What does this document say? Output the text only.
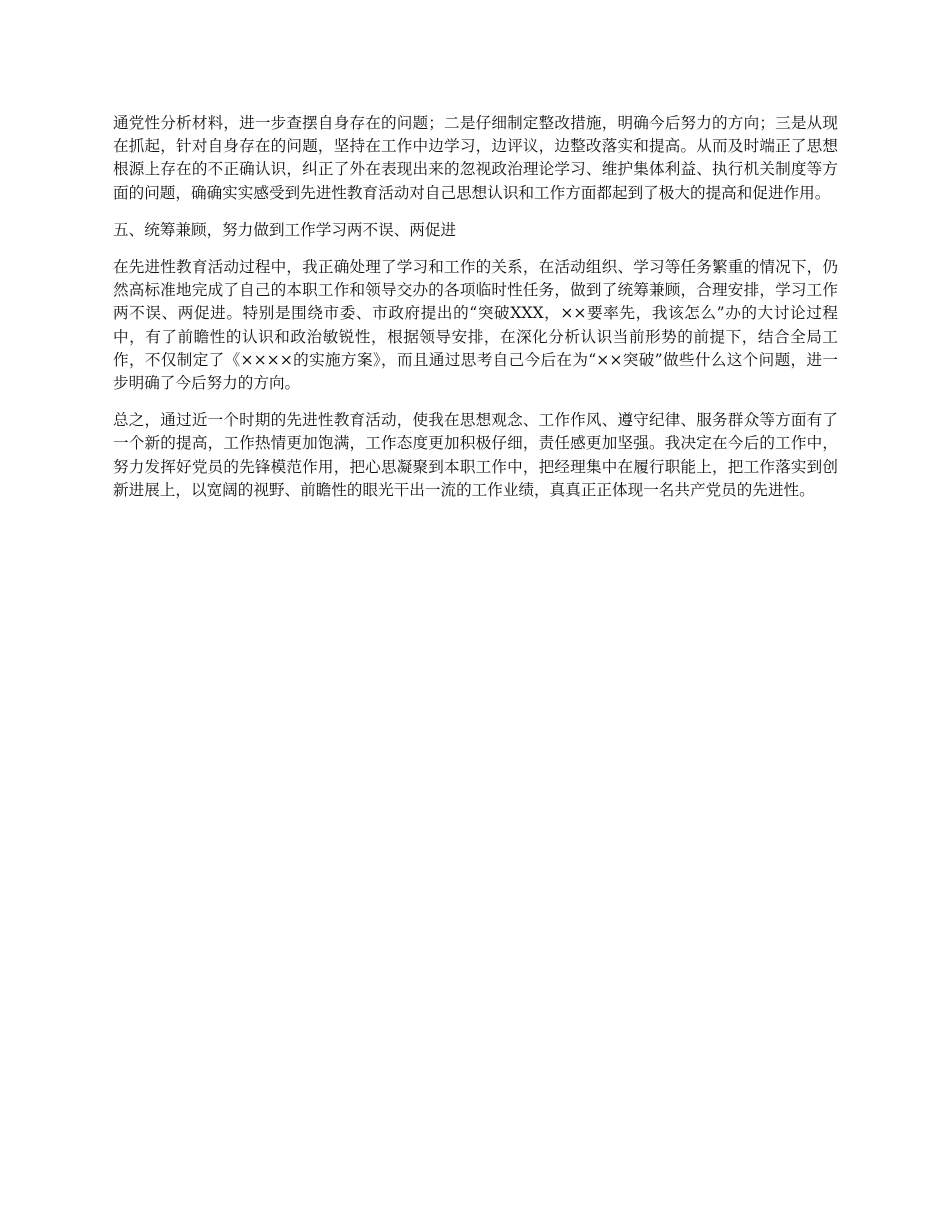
通党性分析材料，进一步查摆自身存在的问题；二是仔细制定整改措施，明确今后努力的方向；三是从现在抓起，针对自身存在的问题，坚持在工作中边学习，边评议，边整改落实和提高。从而及时端正了思想根源上存在的不正确认识，纠正了外在表现出来的忽视政治理论学习、维护集体利益、执行机关制度等方面的问题，确确实实感受到先进性教育活动对自己思想认识和工作方面都起到了极大的提高和促进作用。

五、统筹兼顾，努力做到工作学习两不误、两促进

在先进性教育活动过程中，我正确处理了学习和工作的关系，在活动组织、学习等任务繁重的情况下，仍然高标准地完成了自己的本职工作和领导交办的各项临时性任务，做到了统筹兼顾，合理安排，学习工作两不误、两促进。特别是围绕市委、市政府提出的“突破XXX，××要率先，我该怎么”办的大讨论过程中，有了前瞻性的认识和政治敏锐性，根据领导安排，在深化分析认识当前形势的前提下，结合全局工作，不仅制定了《××××的实施方案》，而且通过思考自己今后在为“××突破”做些什么这个问题，进一步明确了今后努力的方向。

总之，通过近一个时期的先进性教育活动，使我在思想观念、工作作风、遵守纪律、服务群众等方面有了一个新的提高，工作热情更加饱满，工作态度更加积极仔细，责任感更加坚强。我决定在今后的工作中，努力发挥好党员的先锋模范作用，把心思凝聚到本职工作中，把经理集中在履行职能上，把工作落实到创新进展上，以宽阔的视野、前瞻性的眼光干出一流的工作业绩，真真正正体现一名共产党员的先进性。
